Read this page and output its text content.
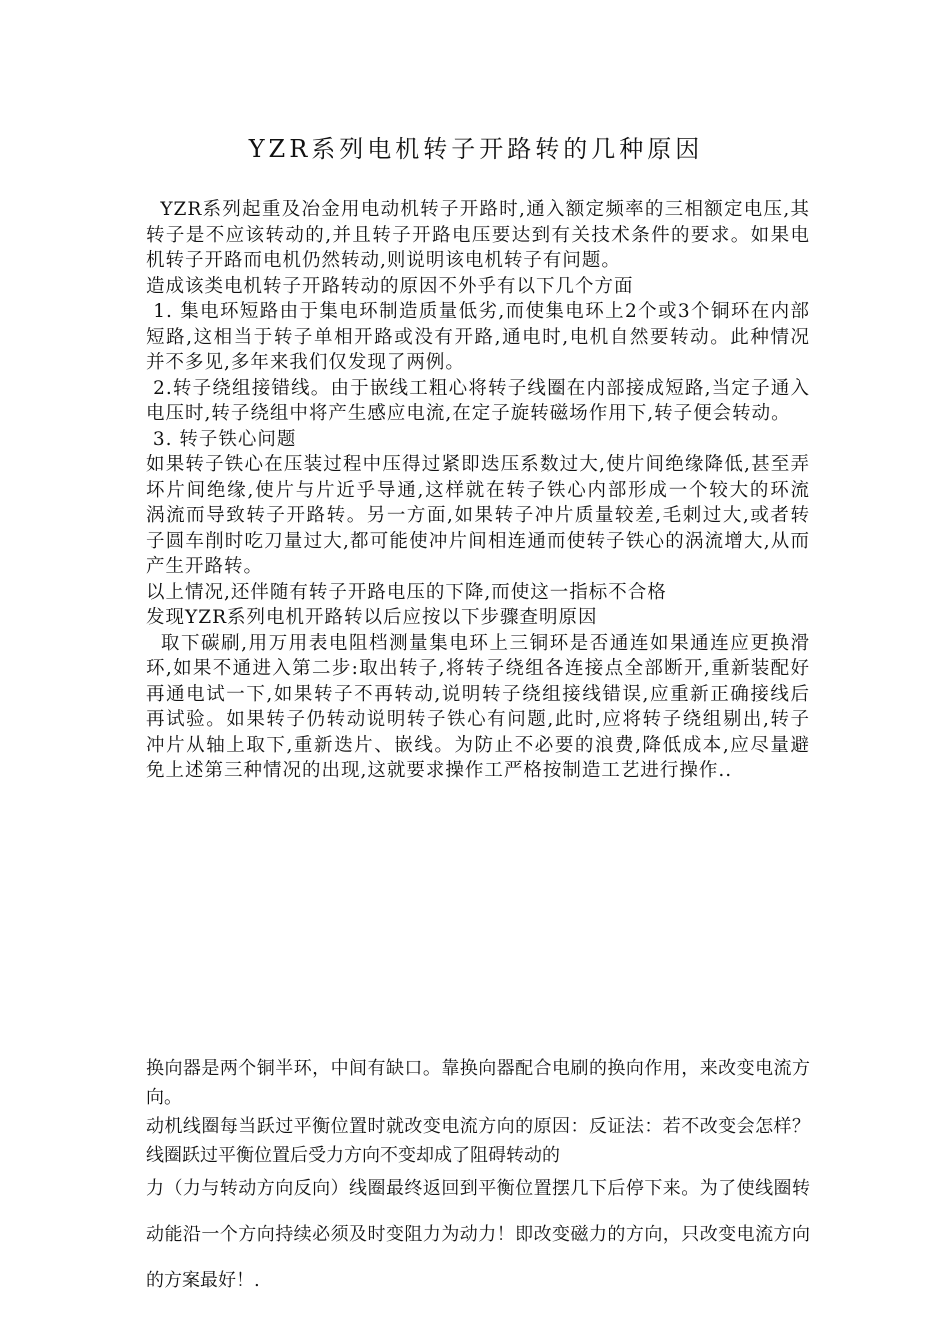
YZR系列电机转子开路转的几种原因

YZR系列起重及冶金用电动机转子开路时,通入额定频率的三相额定电压,其转子是不应该转动的,并且转子开路电压要达到有关技术条件的要求。如果电机转子开路而电机仍然转动,则说明该电机转子有问题。

造成该类电机转子开路转动的原因不外乎有以下几个方面

1. 集电环短路由于集电环制造质量低劣,而使集电环上2个或3个铜环在内部短路,这相当于转子单相开路或没有开路,通电时,电机自然要转动。此种情况并不多见,多年来我们仅发现了两例。

2.转子绕组接错线。由于嵌线工粗心将转子线圈在内部接成短路,当定子通入电压时,转子绕组中将产生感应电流,在定子旋转磁场作用下,转子便会转动。

3. 转子铁心问题

如果转子铁心在压装过程中压得过紧即迭压系数过大,使片间绝缘降低,甚至弄坏片间绝缘,使片与片近乎导通,这样就在转子铁心内部形成一个较大的环流 涡流而导致转子开路转。另一方面,如果转子冲片质量较差,毛刺过大,或者转子圆车削时吃刀量过大,都可能使冲片间相连通而使转子铁心的涡流增大,从而产生开路转。

以上情况,还伴随有转子开路电压的下降,而使这一指标不合格

发现YZR系列电机开路转以后应按以下步骤查明原因

取下碳刷,用万用表电阻档测量集电环上三铜环是否通连如果通连应更换滑环,如果不通进入第二步:取出转子,将转子绕组各连接点全部断开,重新装配好再通电试一下,如果转子不再转动,说明转子绕组接线错误,应重新正确接线后再试验。如果转子仍转动说明转子铁心有问题,此时,应将转子绕组剔出,转子冲片从轴上取下,重新迭片、嵌线。为防止不必要的浪费,降低成本,应尽量避免上述第三种情况的出现,这就要求操作工严格按制造工艺进行操作..

换向器是两个铜半环，中间有缺口。靠换向器配合电刷的换向作用，来改变电流方向。

动机线圈每当跃过平衡位置时就改变电流方向的原因：反证法：若不改变会怎样？线圈跃过平衡位置后受力方向不变却成了阻碍转动的

力（力与转动方向反向）线圈最终返回到平衡位置摆几下后停下来。为了使线圈转动能沿一个方向持续必须及时变阻力为动力！即改变磁力的方向，只改变电流方向的方案最好！.
